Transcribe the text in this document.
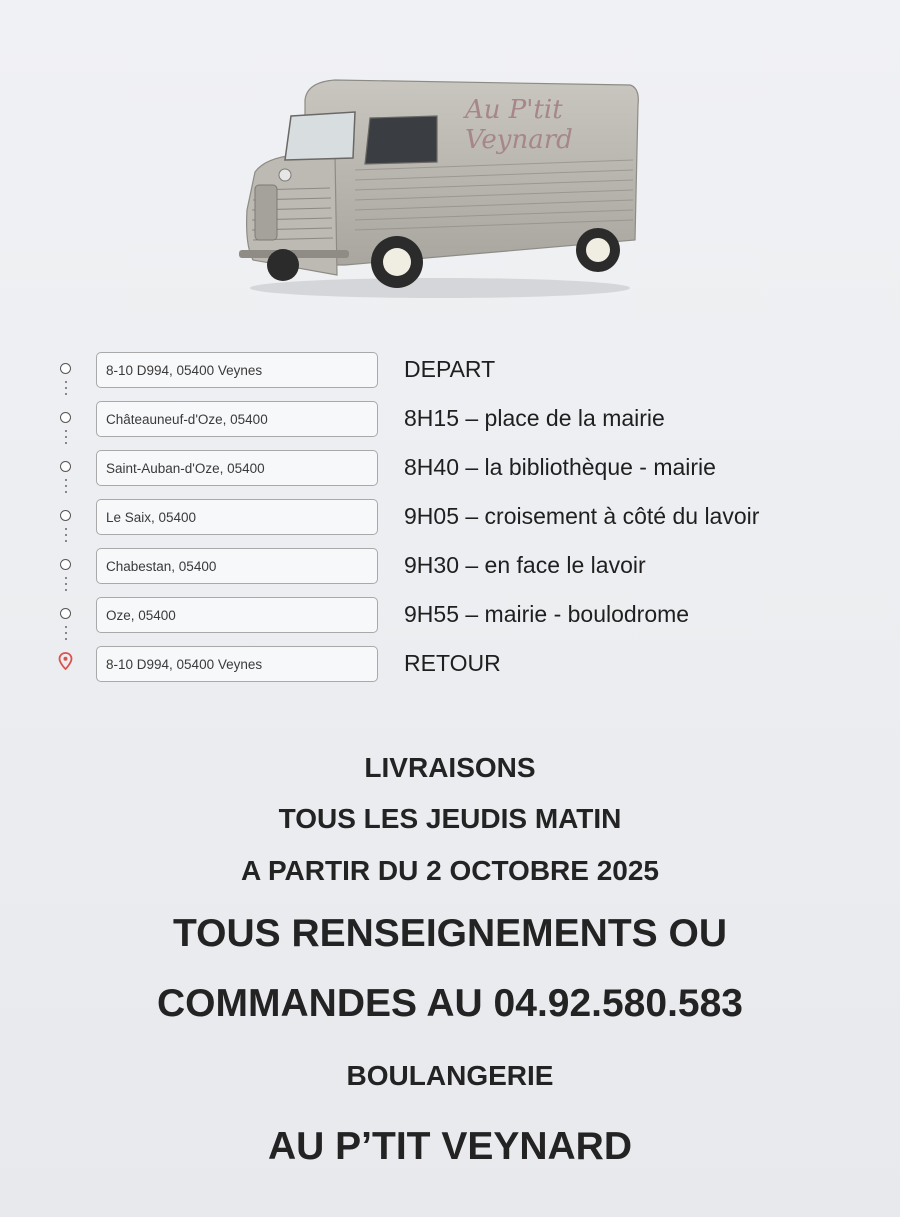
Au P'tit
Veynard
8-10 D994, 05400 Veynes	DEPART
Châteauneuf-d'Oze, 05400	8H15 – place de la mairie
Saint-Auban-d'Oze, 05400	8H40 – la bibliothèque - mairie
Le Saix, 05400	9H05 – croisement à côté du lavoir
Chabestan, 05400	9H30 – en face le lavoir
Oze, 05400	9H55 – mairie - boulodrome
8-10 D994, 05400 Veynes	RETOUR
LIVRAISONS
TOUS LES JEUDIS MATIN
A PARTIR DU 2 OCTOBRE 2025
TOUS RENSEIGNEMENTS OU
COMMANDES AU 04.92.580.583
BOULANGERIE
AU P’TIT VEYNARD
